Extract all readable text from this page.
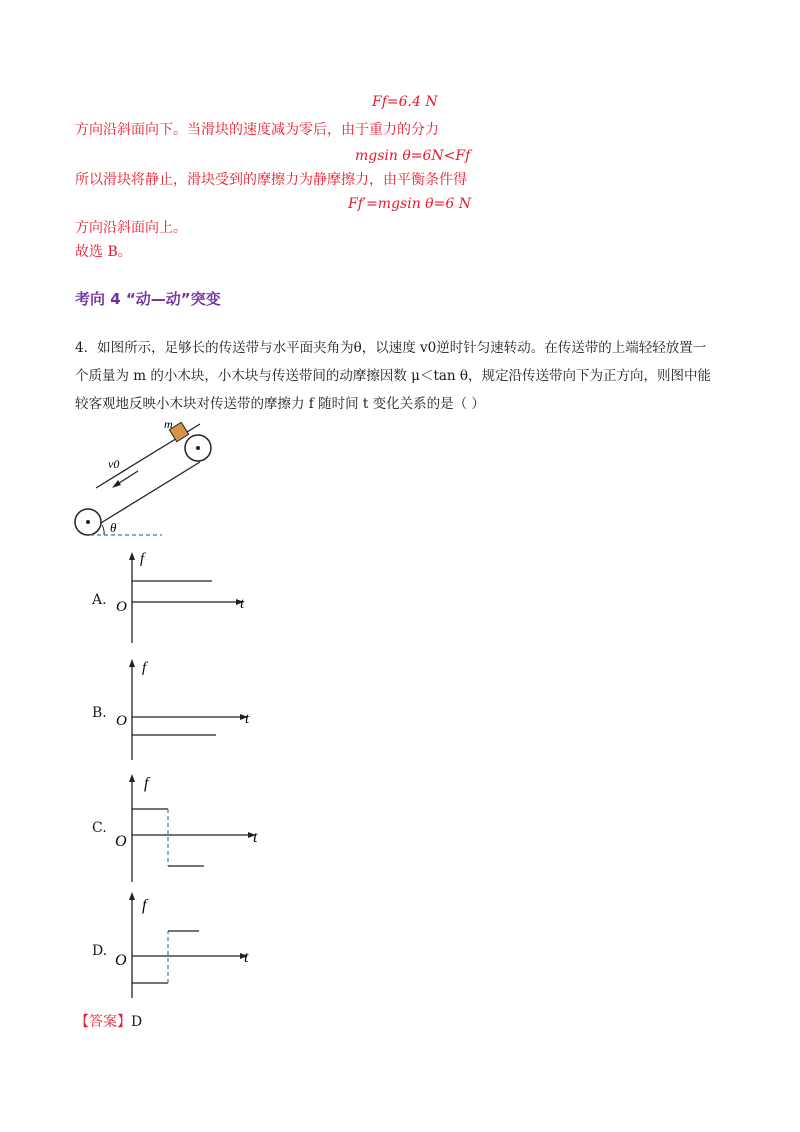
Ff=6.4 N
方向沿斜面向下。当滑块的速度减为零后，由于重力的分力
mgsin θ=6N<Ff
所以滑块将静止，滑块受到的摩擦力为静摩擦力，由平衡条件得
Ff′=mgsin θ=6 N
方向沿斜面向上。
故选 B。
考向 4 “动—动”突变
4．如图所示，足够长的传送带与水平面夹角为θ，以速度 v0逆时针匀速转动。在传送带的上端轻轻放置一
个质量为 m 的小木块，小木块与传送带间的动摩擦因数 μ＜tan θ，规定沿传送带向下为正方向，则图中能
较客观地反映小木块对传送带的摩擦力 f 随时间 t 变化关系的是（ ）
m
v0
θ
A.
f
t
O
B.
f
t
O
C.
f
t
O
D.
f
t
O
【答案】D
